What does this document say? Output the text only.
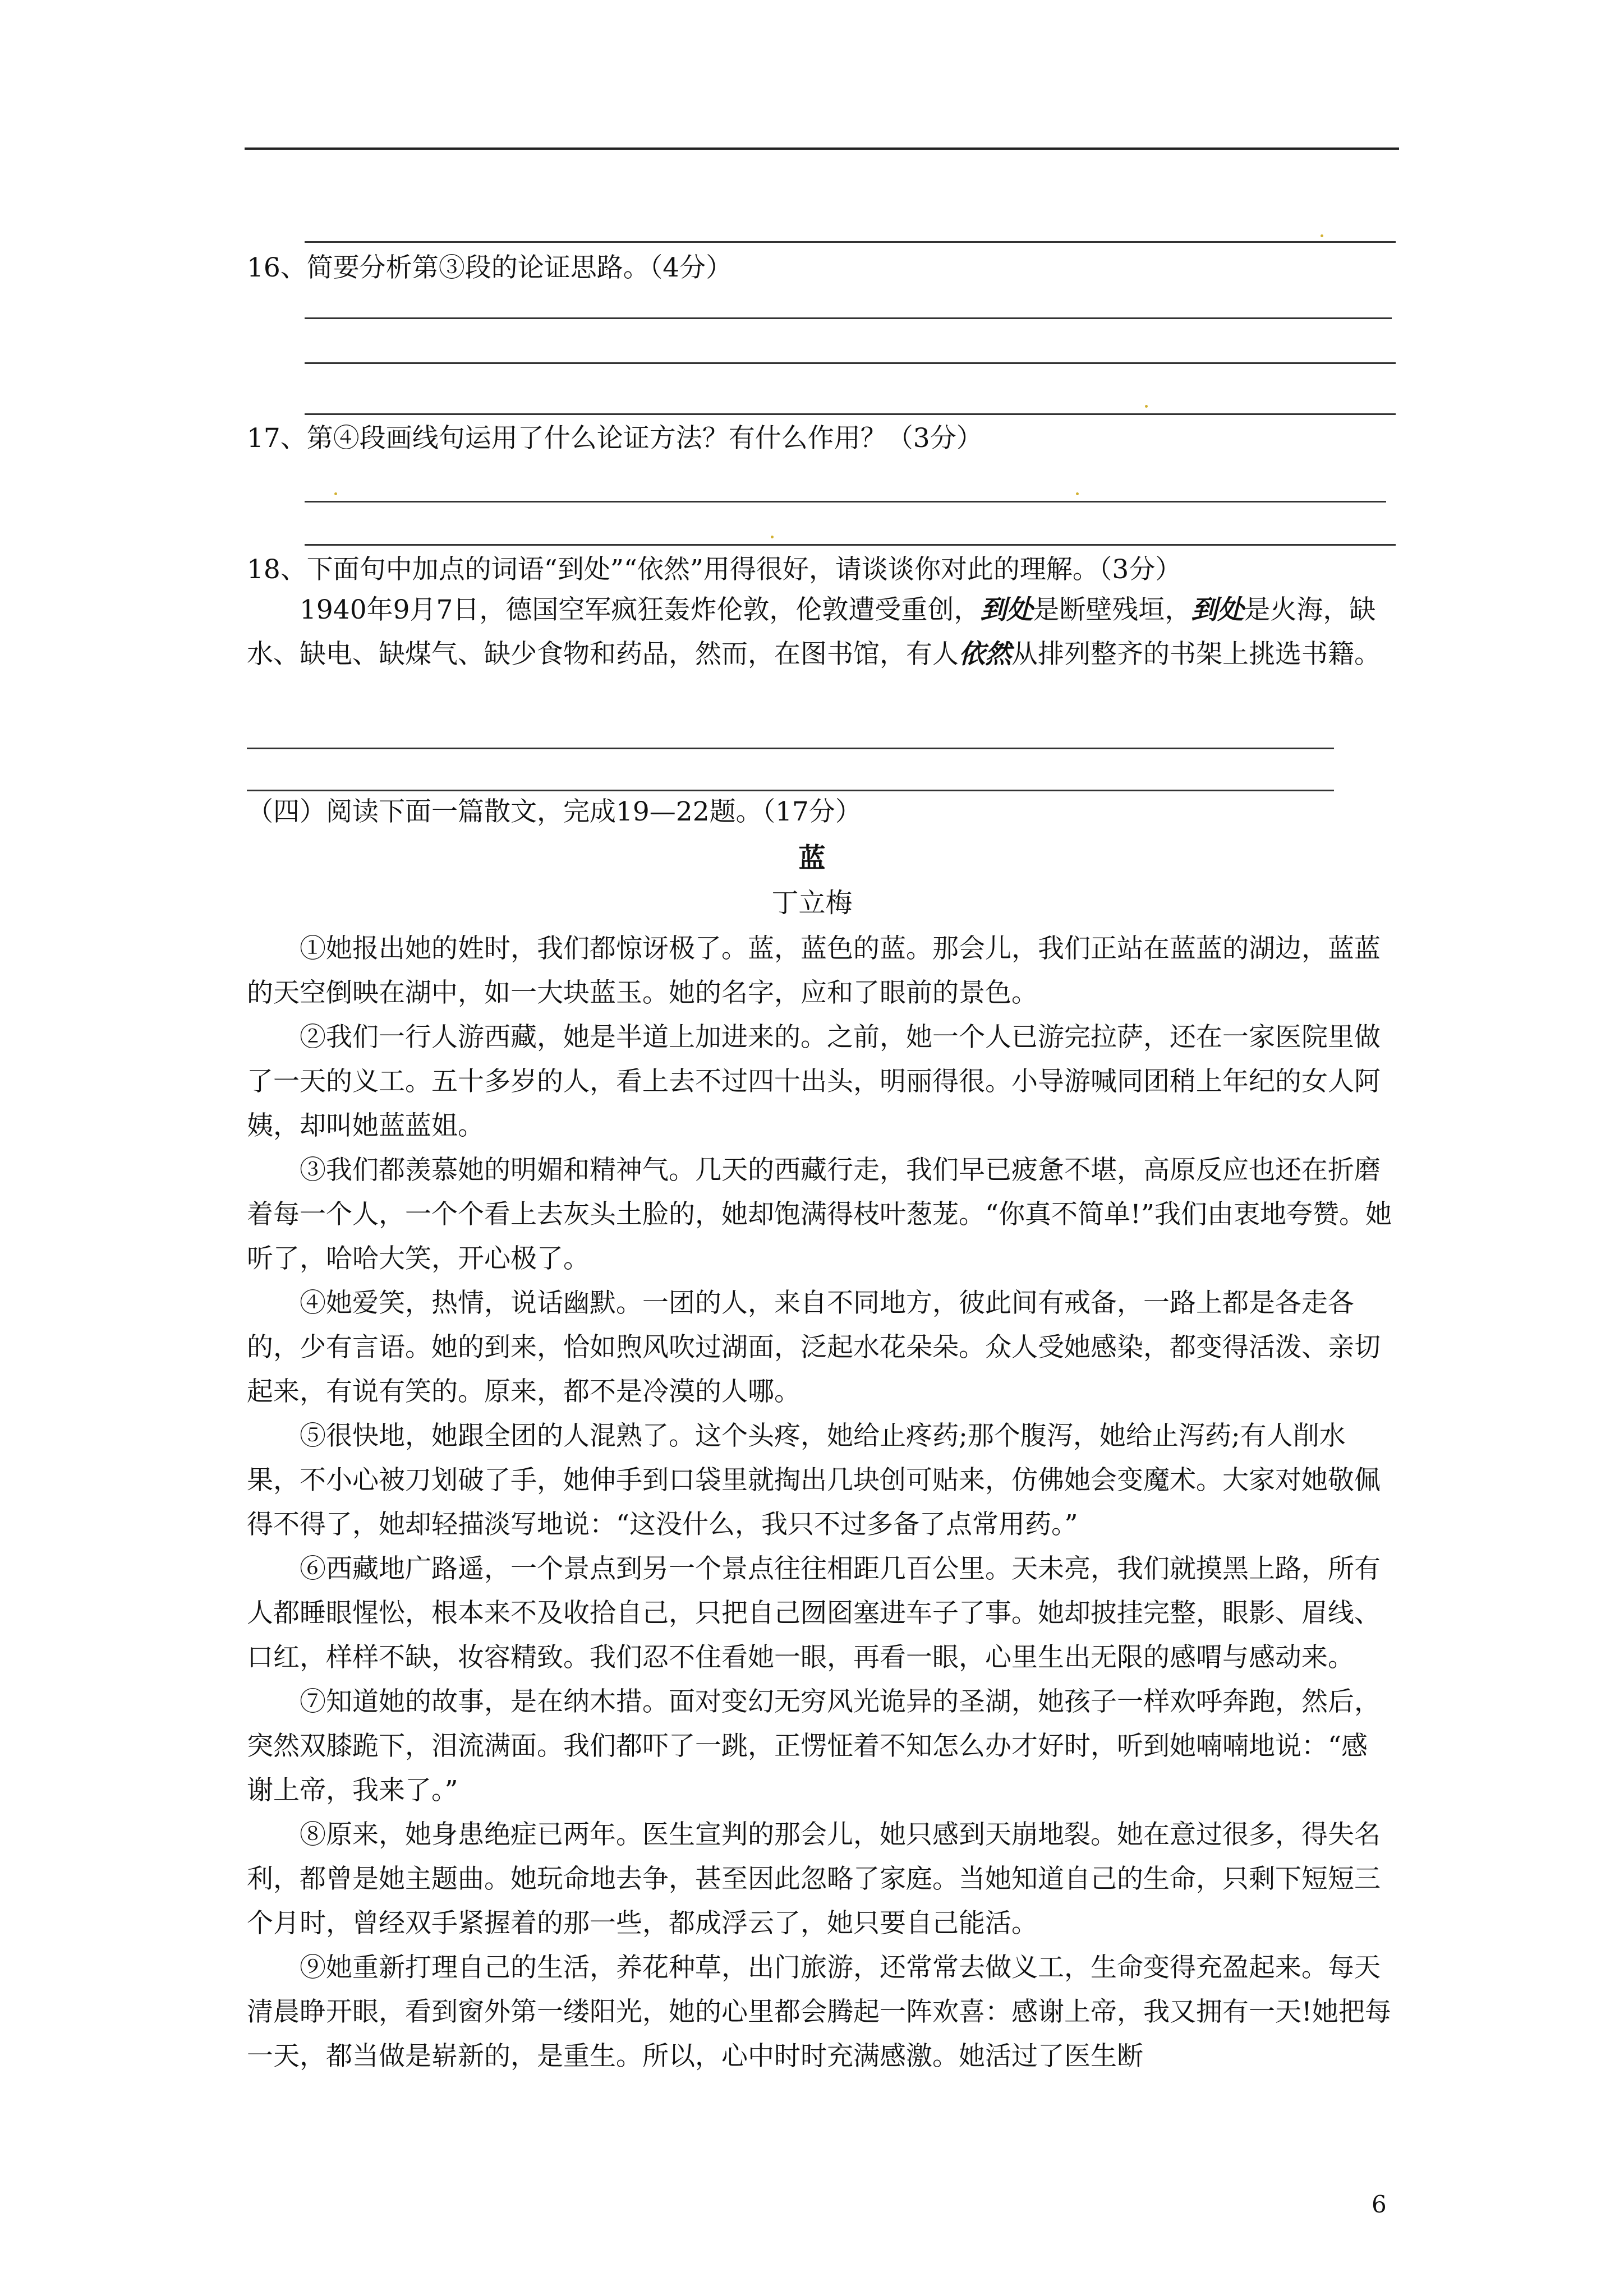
16、简要分析第③段的论证思路。（4分）
17、第④段画线句运用了什么论证方法？有什么作用？（3分）
18、下面句中加点的词语“到处”“依然”用得很好，请谈谈你对此的理解。（3分）

1940年9月7日，德国空军疯狂轰炸伦敦，伦敦遭受重创，到处是断壁残垣，到处是火海，缺水、缺电、缺煤气、缺少食物和药品，然而，在图书馆，有人依然从排列整齐的书架上挑选书籍。

（四）阅读下面一篇散文，完成19—22题。（17分）
蓝
丁立梅

①她报出她的姓时，我们都惊讶极了。蓝，蓝色的蓝。那会儿，我们正站在蓝蓝的湖边，蓝蓝的天空倒映在湖中，如一大块蓝玉。她的名字，应和了眼前的景色。

②我们一行人游西藏，她是半道上加进来的。之前，她一个人已游完拉萨，还在一家医院里做了一天的义工。五十多岁的人，看上去不过四十出头，明丽得很。小导游喊同团稍上年纪的女人阿姨，却叫她蓝蓝姐。

③我们都羡慕她的明媚和精神气。几天的西藏行走，我们早已疲惫不堪，高原反应也还在折磨着每一个人，一个个看上去灰头土脸的，她却饱满得枝叶葱茏。“你真不简单!”我们由衷地夸赞。她听了，哈哈大笑，开心极了。

④她爱笑，热情，说话幽默。一团的人，来自不同地方，彼此间有戒备，一路上都是各走各的，少有言语。她的到来，恰如煦风吹过湖面，泛起水花朵朵。众人受她感染，都变得活泼、亲切起来，有说有笑的。原来，都不是冷漠的人哪。

⑤很快地，她跟全团的人混熟了。这个头疼，她给止疼药;那个腹泻，她给止泻药;有人削水果，不小心被刀划破了手，她伸手到口袋里就掏出几块创可贴来，仿佛她会变魔术。大家对她敬佩得不得了，她却轻描淡写地说：“这没什么，我只不过多备了点常用药。”

⑥西藏地广路遥，一个景点到另一个景点往往相距几百公里。天未亮，我们就摸黑上路，所有人都睡眼惺忪，根本来不及收拾自己，只把自己囫囵塞进车子了事。她却披挂完整，眼影、眉线、口红，样样不缺，妆容精致。我们忍不住看她一眼，再看一眼，心里生出无限的感喟与感动来。

⑦知道她的故事，是在纳木措。面对变幻无穷风光诡异的圣湖，她孩子一样欢呼奔跑，然后，突然双膝跪下，泪流满面。我们都吓了一跳，正愣怔着不知怎么办才好时，听到她喃喃地说：“感谢上帝，我来了。”

⑧原来，她身患绝症已两年。医生宣判的那会儿，她只感到天崩地裂。她在意过很多，得失名利，都曾是她主题曲。她玩命地去争，甚至因此忽略了家庭。当她知道自己的生命，只剩下短短三个月时，曾经双手紧握着的那一些，都成浮云了，她只要自己能活。

⑨她重新打理自己的生活，养花种草，出门旅游，还常常去做义工，生命变得充盈起来。每天清晨睁开眼，看到窗外第一缕阳光，她的心里都会腾起一阵欢喜：感谢上帝，我又拥有一天!她把每一天，都当做是崭新的，是重生。所以，心中时时充满感激。她活过了医生断

6
